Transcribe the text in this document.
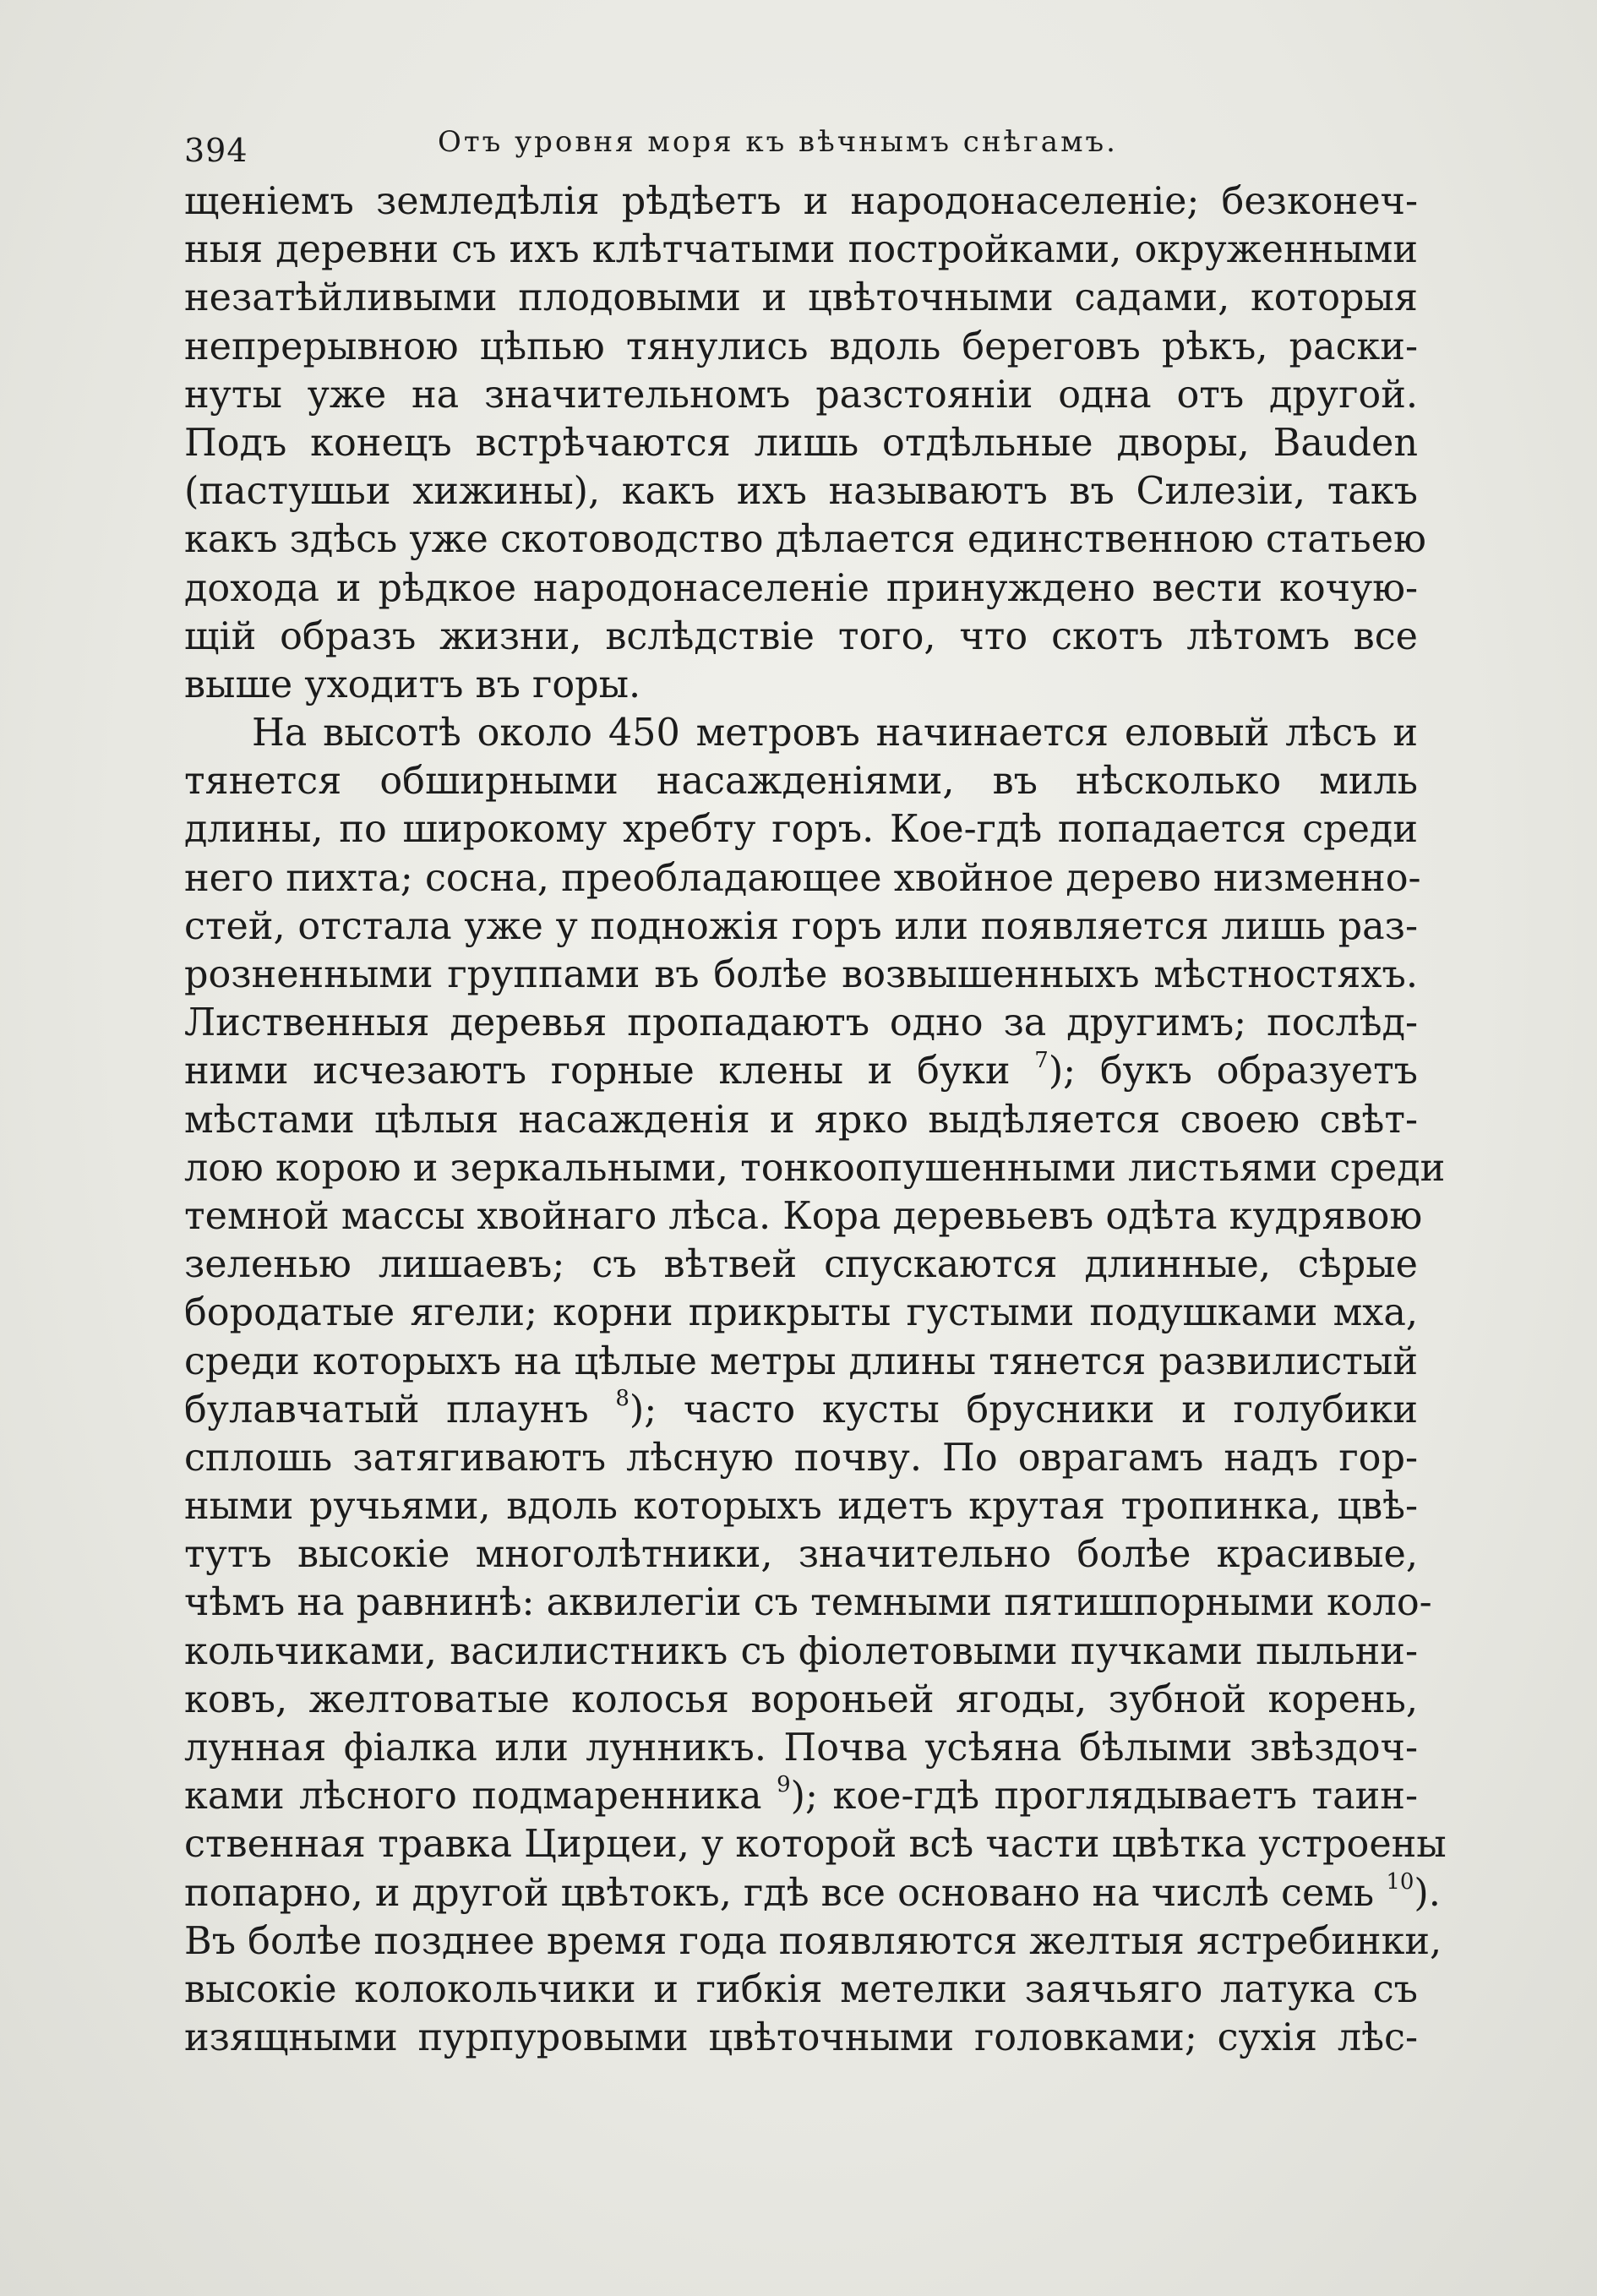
394	Отъ уровня моря къ вѣчнымъ снѣгамъ.
щеніемъ земледѣлія рѣдѣетъ и народонаселеніе; безконеч-
ныя деревни съ ихъ клѣтчатыми постройками, окруженными
незатѣйливыми плодовыми и цвѣточными садами, которыя
непрерывною цѣпью тянулись вдоль береговъ рѣкъ, раски-
нуты уже на значительномъ разстояніи одна отъ другой.
Подъ конецъ встрѣчаются лишь отдѣльные дворы, Bauden
(пастушьи хижины), какъ ихъ называютъ въ Силезіи, такъ
какъ здѣсь уже скотоводство дѣлается единственною статьею
дохода и рѣдкое народонаселеніе принуждено вести кочую-
щій образъ жизни, вслѣдствіе того, что скотъ лѣтомъ все
выше уходитъ въ горы.
На высотѣ около 450 метровъ начинается еловый лѣсъ и
тянется обширными насажденіями, въ нѣсколько миль
длины, по широкому хребту горъ. Кое-гдѣ попадается среди
него пихта; сосна, преобладающее хвойное дерево низменно-
стей, отстала уже у подножія горъ или появляется лишь раз-
розненными группами въ болѣе возвышенныхъ мѣстностяхъ.
Лиственныя деревья пропадаютъ одно за другимъ; послѣд-
ними исчезаютъ горные клены и буки $^7$); букъ образуетъ
мѣстами цѣлыя насажденія и ярко выдѣляется своею свѣт-
лою корою и зеркальными, тонкоопушенными листьями среди
темной массы хвойнаго лѣса. Кора деревьевъ одѣта кудрявою
зеленью лишаевъ; съ вѣтвей спускаются длинные, сѣрые
бородатые ягели; корни прикрыты густыми подушками мха,
среди которыхъ на цѣлые метры длины тянется развилистый
булавчатый плаунъ $^8$); часто кусты брусники и голубики
сплошь затягиваютъ лѣсную почву. По оврагамъ надъ гор-
ными ручьями, вдоль которыхъ идетъ крутая тропинка, цвѣ-
тутъ высокіе многолѣтники, значительно болѣе красивые,
чѣмъ на равнинѣ: аквилегіи съ темными пятишпорными коло-
кольчиками, василистникъ съ фіолетовыми пучками пыльни-
ковъ, желтоватые колосья вороньей ягоды, зубной корень,
лунная фіалка или лунникъ. Почва усѣяна бѣлыми звѣздоч-
ками лѣсного подмаренника $^9$); кое-гдѣ проглядываетъ таин-
ственная травка Цирцеи, у которой всѣ части цвѣтка устроены
попарно, и другой цвѣтокъ, гдѣ все основано на числѣ семь $^{10}$).
Въ болѣе позднее время года появляются желтыя ястребинки,
высокіе колокольчики и гибкія метелки заячьяго латука съ
изящными пурпуровыми цвѣточными головками; сухія лѣс-
